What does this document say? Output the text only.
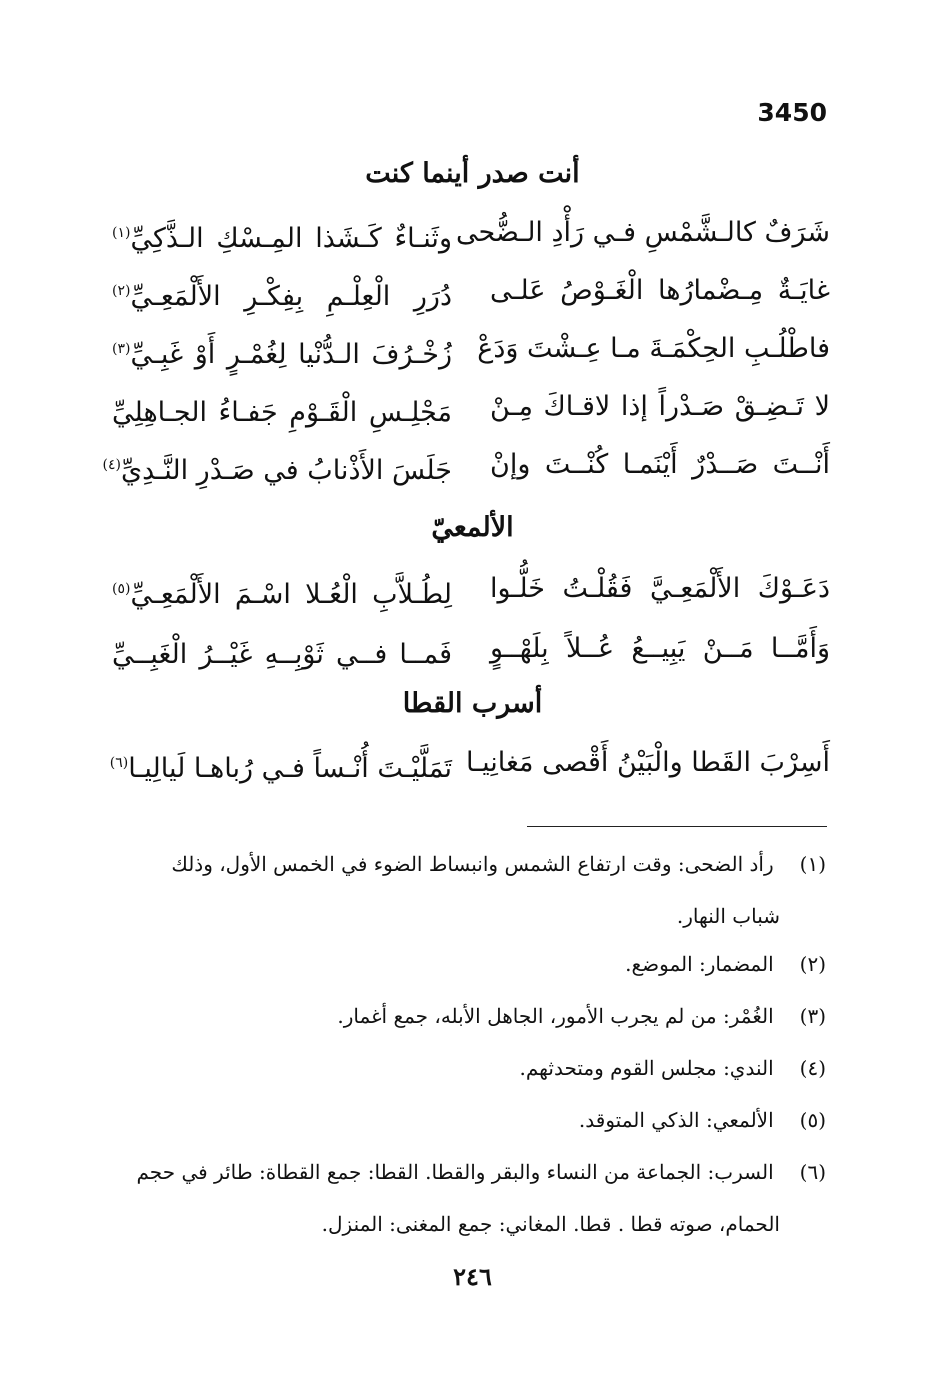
3450
أنت صدر أينما كنت
شَرَفٌ كالـشَّمْسِ فـي رَأْدِ الـضُّحى
وثَنـاءٌ كَـشَذا المِـسْكِ الـذَّكِيِّ$^{(١)}$
غايَـةٌ مِـضْمارُها الْغَـوْصُ عَلـى
دُرَرِ الْعِلْـمِ بِفِكْـرِ الأَلْمَعِـيِّ$^{(٢)}$
فاطْلُـبِ الحِكْمَـةَ مـا عِـشْتَ وَدَعْ
زُخْـرُفَ الـدُّنْيا لِغُمْـرٍ أَوْ غَبِـيِّ$^{(٣)}$
لا تَـضِـقْ صَـدْراً إذا لاقـاكَ مِـنْ
مَجْلِـسِ الْقَـوْمِ جَفـاءُ الجـاهِلِيِّ
أَنْــتَ صَــدْرٌ أَيْنَمـا كُنْــتَ وإنْ
جَلَسَ الأَذْنابُ في صَـدْرِ النَّـدِيِّ$^{(٤)}$
الألمعيّ
دَعَـوْكَ الأَلْمَعِـيَّ فَقُلْـتُ خَلُّـوا
لِطُـلاَّبِ الْعُـلا اسْـمَ الأَلْمَعِـيِّ$^{(٥)}$
وَأَمَّــا مَــنْ يَبِيــعُ عُــلاً بِلَهْــوٍ
فَمــا فــي ثَوْبِــهِ غَيْــرُ الْغَبِــيِّ
أسرب القطا
أَسِرْبَ القَطا والْبَيْنُ أَقْصى مَغانِيـا
تَمَلَّيْـتَ أُنْـساً فـي رُباهـا لَيالِيـا$^{(٦)}$
(١) رأد الضحى: وقت ارتفاع الشمس وانبساط الضوء في الخمس الأول، وذلك
شباب النهار.
(٢) المضمار: الموضع.
(٣) الغُمْر: من لم يجرب الأمور، الجاهل الأبله، جمع أغمار.
(٤) الندي: مجلس القوم ومتحدثهم.
(٥) الألمعي: الذكي المتوقد.
(٦) السرب: الجماعة من النساء والبقر والقطا. القطا: جمع القطاة: طائر في حجم
الحمام، صوته قطا . قطا. المغاني: جمع المغنى: المنزل.
٢٤٦
